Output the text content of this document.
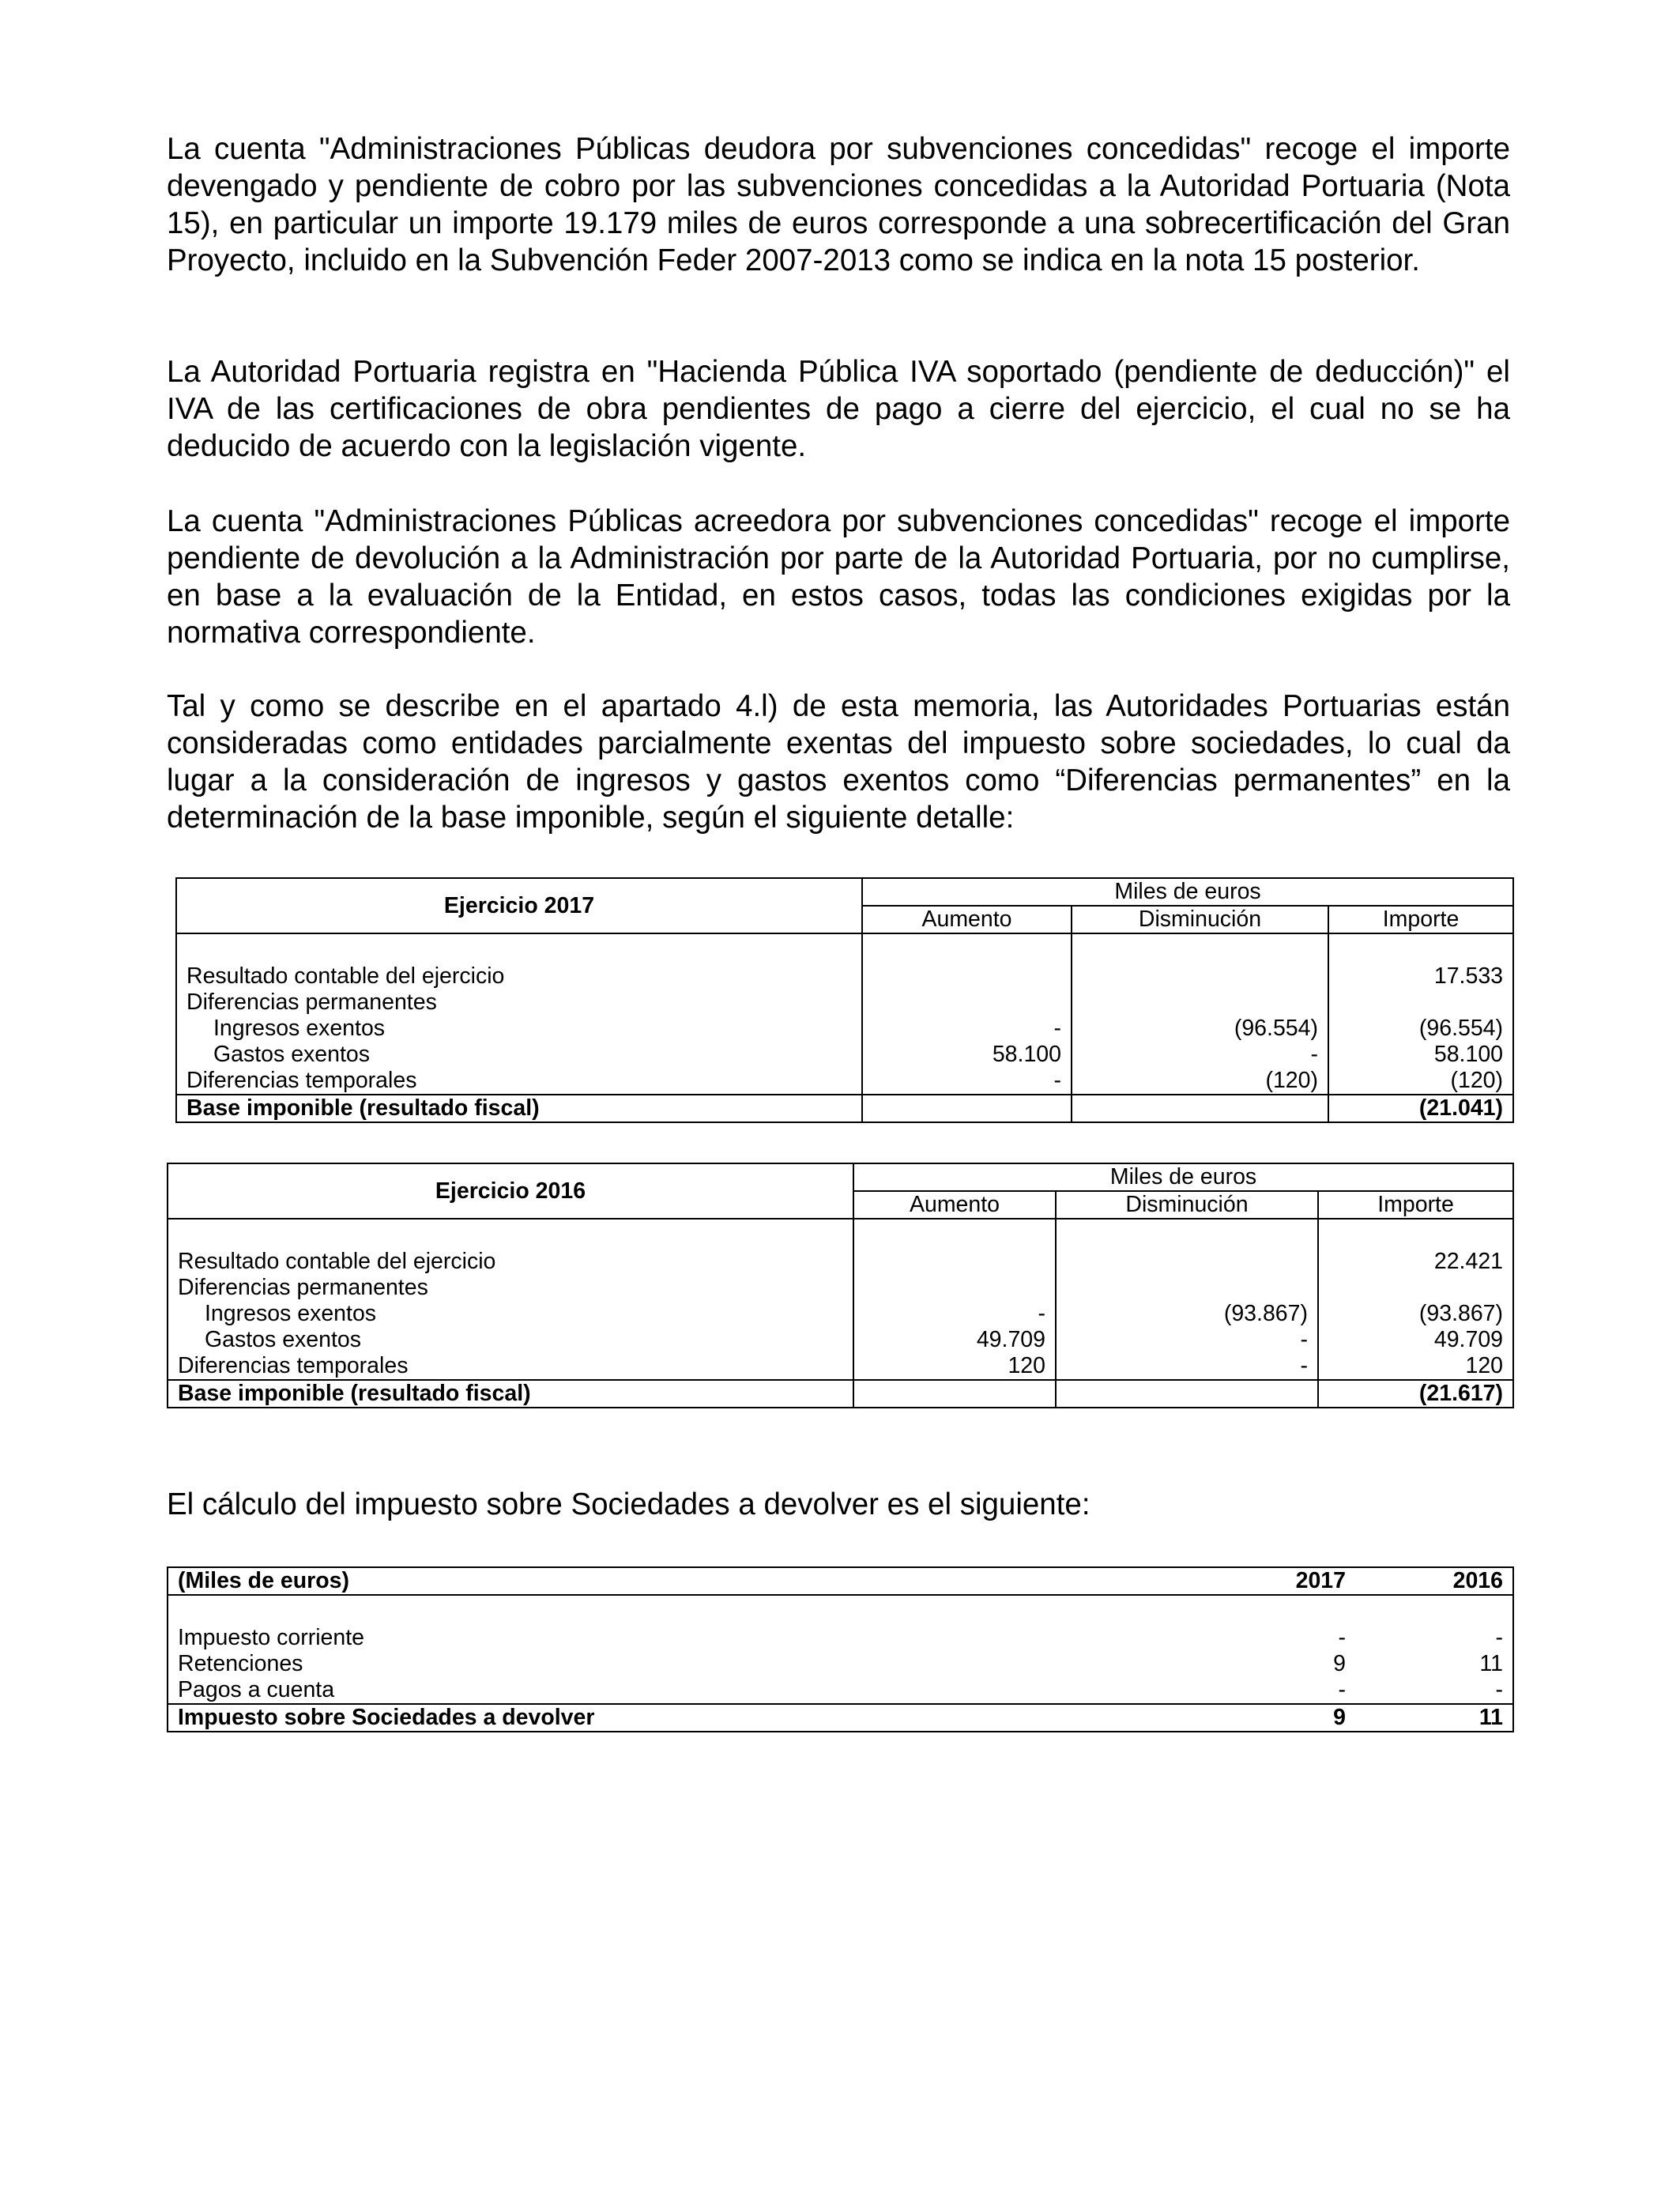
La cuenta "Administraciones Públicas deudora por subvenciones concedidas" recoge el importe devengado y pendiente de cobro por las subvenciones concedidas a la Autoridad Portuaria (Nota 15), en particular un importe 19.179 miles de euros corresponde a una sobrecertificación del Gran Proyecto, incluido en la Subvención Feder 2007-2013 como se indica en la nota 15 posterior.

La Autoridad Portuaria registra en "Hacienda Pública IVA soportado (pendiente de deducción)" el IVA de las certificaciones de obra pendientes de pago a cierre del ejercicio, el cual no se ha deducido de acuerdo con la legislación vigente.

La cuenta "Administraciones Públicas acreedora por subvenciones concedidas" recoge el importe pendiente de devolución a la Administración por parte de la Autoridad Portuaria, por no cumplirse, en base a la evaluación de la Entidad, en estos casos, todas las condiciones exigidas por la normativa correspondiente.

Tal y como se describe en el apartado 4.l) de esta memoria, las Autoridades Portuarias están consideradas como entidades parcialmente exentas del impuesto sobre sociedades, lo cual da lugar a la consideración de ingresos y gastos exentos como “Diferencias permanentes” en la determinación de la base imponible, según el siguiente detalle:

Ejercicio 2017	Miles de euros		
	Aumento	Disminución	Importe

Resultado contable del ejercicio			17.533
Diferencias permanentes			
Ingresos exentos	-	(96.554)	(96.554)
Gastos exentos	58.100	-	58.100
Diferencias temporales	-	(120)	(120)
Base imponible (resultado fiscal)			(21.041)
Ejercicio 2016	Miles de euros		
	Aumento	Disminución	Importe

Resultado contable del ejercicio			22.421
Diferencias permanentes			
Ingresos exentos	-	(93.867)	(93.867)
Gastos exentos	49.709	-	49.709
Diferencias temporales	120	-	120
Base imponible (resultado fiscal)			(21.617)

El cálculo del impuesto sobre Sociedades a devolver es el siguiente:

(Miles de euros)	2017	2016

Impuesto corriente	-	-
Retenciones	9	11
Pagos a cuenta	-	-
Impuesto sobre Sociedades a devolver	9	11
